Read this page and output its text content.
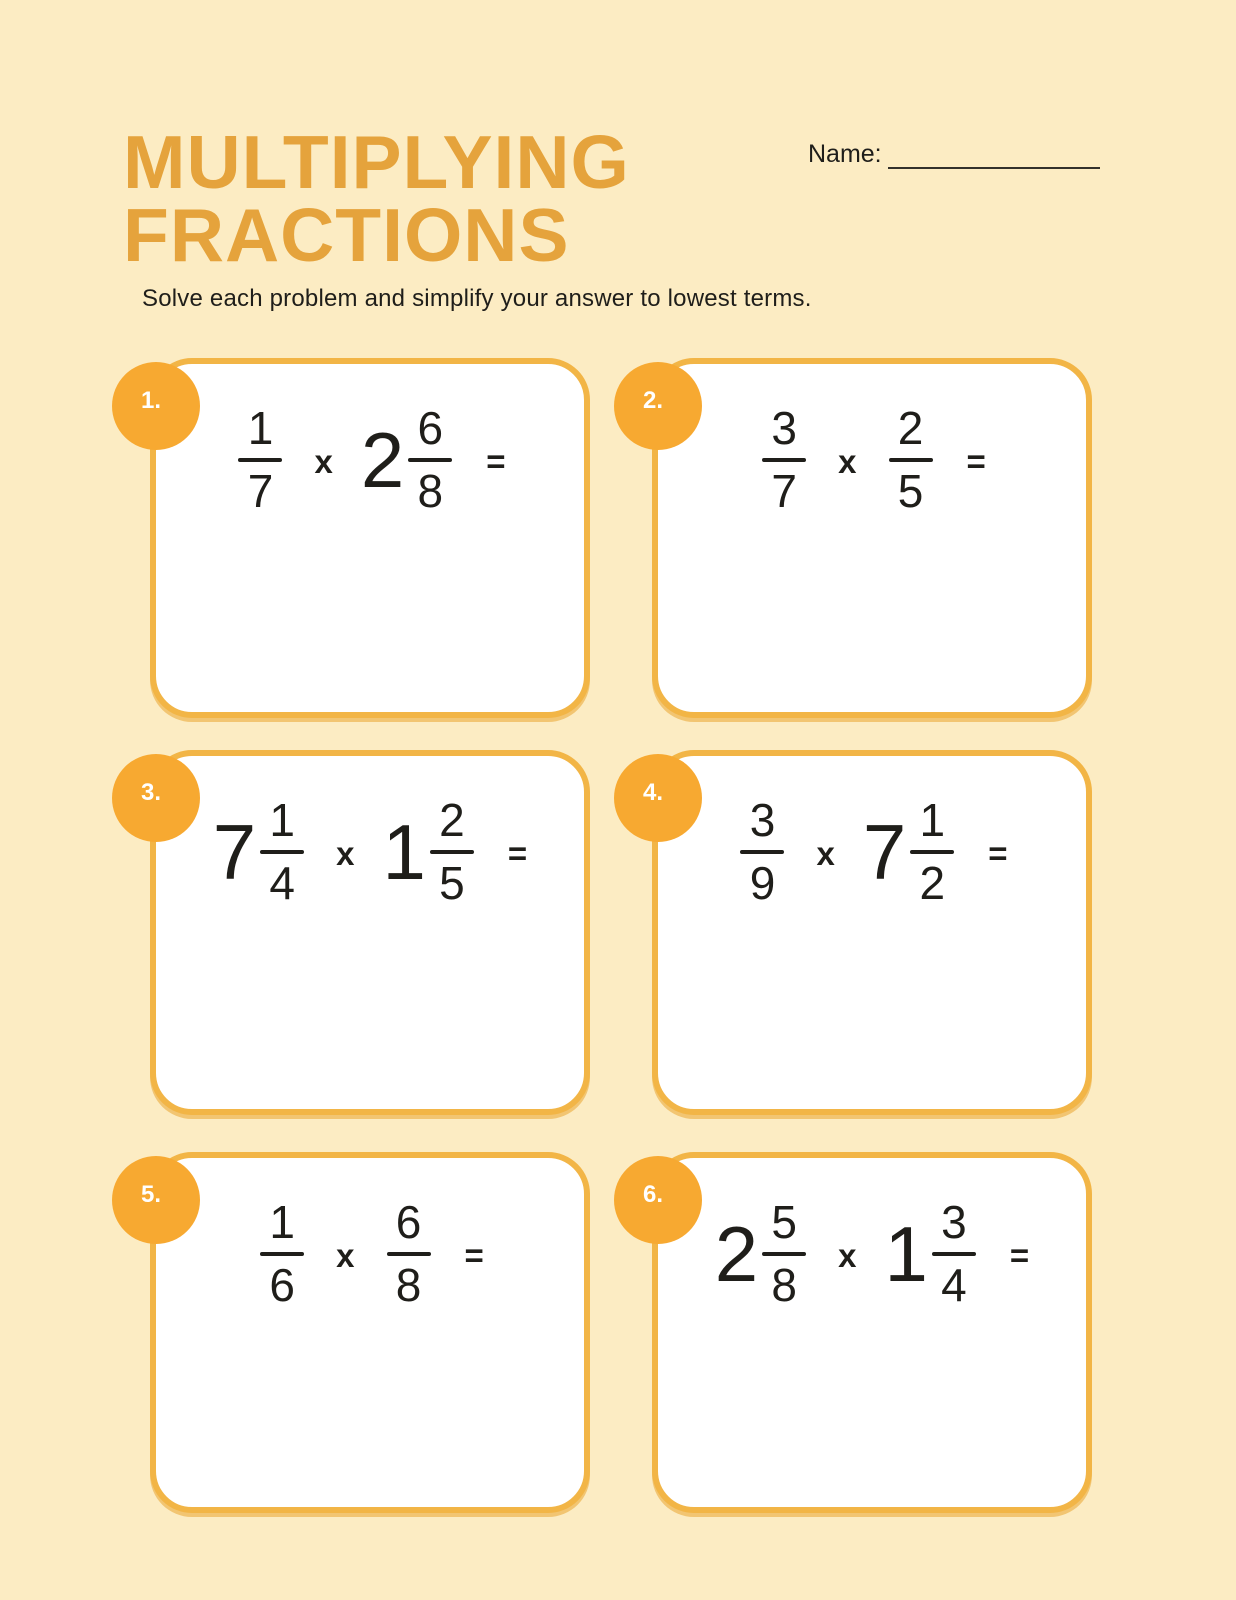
MULTIPLYING
FRACTIONS
Name:
Solve each problem and simplify your answer to lowest terms.
1.
$\frac{1}{7}$ x $2 \frac{6}{8}$ =
2.
$\frac{3}{7}$ x $\frac{2}{5}$ =
3.
$7 \frac{1}{4}$ x $1 \frac{2}{5}$ =
4.
$\frac{3}{9}$ x $7 \frac{1}{2}$ =
5.
$\frac{1}{6}$ x $\frac{6}{8}$ =
6.
$2 \frac{5}{8}$ x $1 \frac{3}{4}$ =
